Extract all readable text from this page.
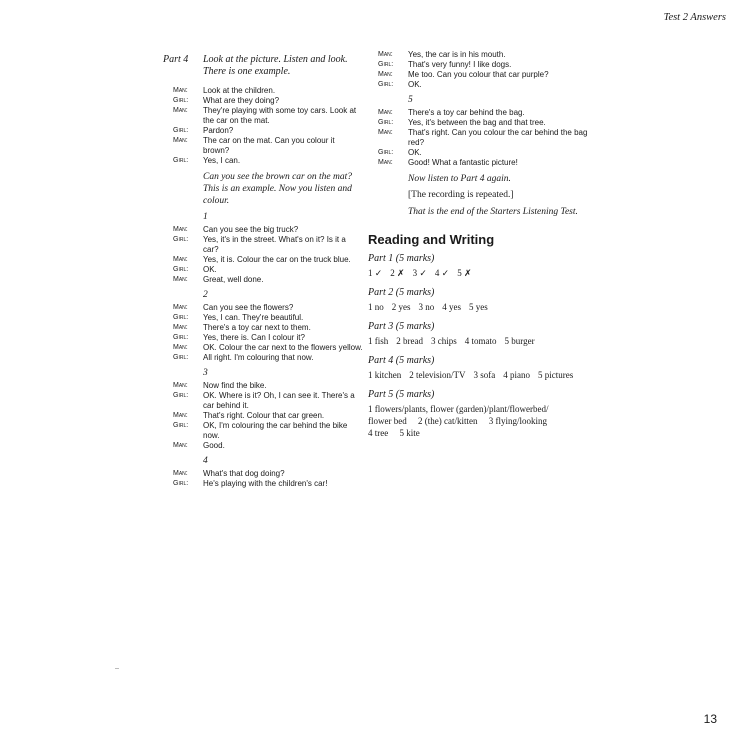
Test 2 Answers
Part 4	Look at the picture. Listen and look. There is one example.
Man:	Look at the children.
Girl:	What are they doing?
Man:	They're playing with some toy cars. Look at the car on the mat.
Girl:	Pardon?
Man:	The car on the mat. Can you colour it brown?
Girl:	Yes, I can.
Can you see the brown car on the mat? This is an example. Now you listen and colour.
1
Man:	Can you see the big truck?
Girl:	Yes, it's in the street. What's on it? Is it a car?
Man:	Yes, it is. Colour the car on the truck blue.
Girl:	OK.
Man:	Great, well done.
2
Man:	Can you see the flowers?
Girl:	Yes, I can. They're beautiful.
Man:	There's a toy car next to them.
Girl:	Yes, there is. Can I colour it?
Man:	OK. Colour the car next to the flowers yellow.
Girl:	All right. I'm colouring that now.
3
Man:	Now find the bike.
Girl:	OK. Where is it? Oh, I can see it. There's a car behind it.
Man:	That's right. Colour that car green.
Girl:	OK, I'm colouring the car behind the bike now.
Man:	Good.
4
Man:	What's that dog doing?
Girl:	He's playing with the children's car!
Man:	Yes, the car is in his mouth.
Girl:	That's very funny! I like dogs.
Man:	Me too. Can you colour that car purple?
Girl:	OK.
5
Man:	There's a toy car behind the bag.
Girl:	Yes, it's between the bag and that tree.
Man:	That's right. Can you colour the car behind the bag red?
Girl:	OK.
Man:	Good! What a fantastic picture!
Now listen to Part 4 again.
[The recording is repeated.]
That is the end of the Starters Listening Test.
Reading and Writing
Part 1 (5 marks)
1 ✓ 2 ✗ 3 ✓ 4 ✓ 5 ✗
Part 2 (5 marks)
1 no 2 yes 3 no 4 yes 5 yes
Part 3 (5 marks)
1 fish 2 bread 3 chips 4 tomato 5 burger
Part 4 (5 marks)
1 kitchen 2 television/TV 3 sofa 4 piano 5 pictures
Part 5 (5 marks)
1 flowers/plants, flower (garden)/plant/flowerbed/
flower bed     2 (the) cat/kitten     3 flying/looking
4 tree     5 kite
13
